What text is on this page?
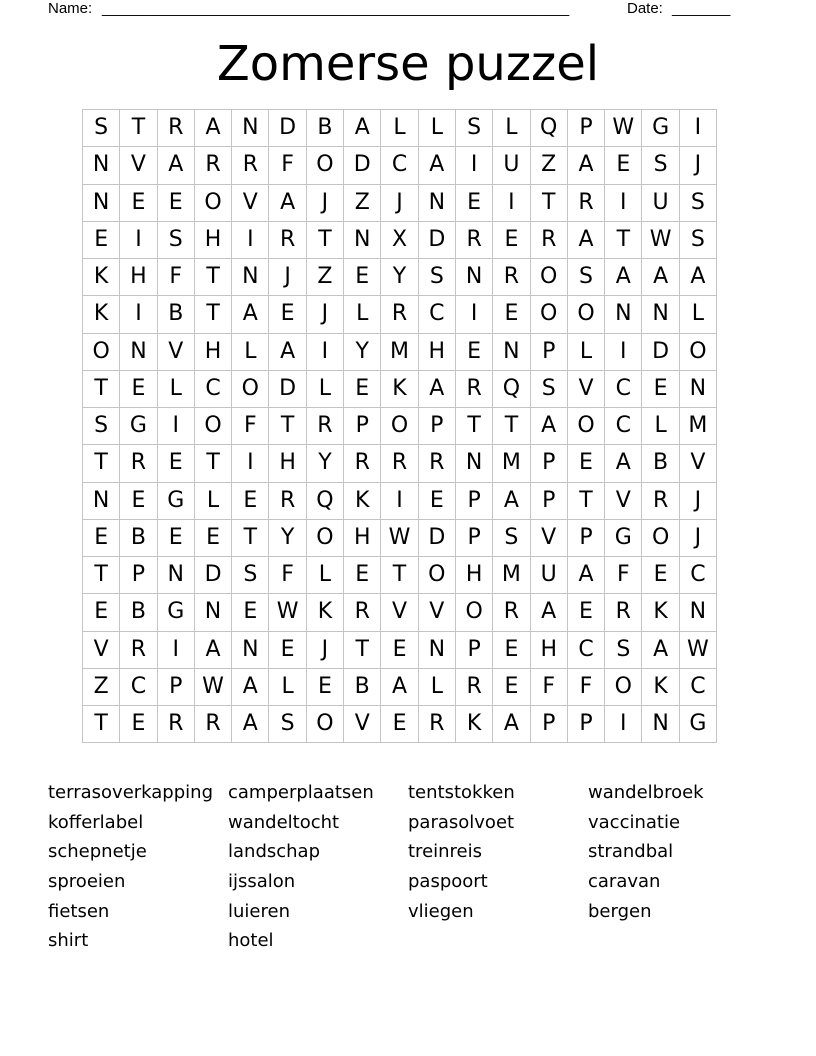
Name:

________________________________________________________

	Date:

_______

Zomerse puzzel
S	T	R	A	N	D	B	A	L	L	S	L	Q	P	W	G	I
N	V	A	R	R	F	O	D	C	A	I	U	Z	A	E	S	J
N	E	E	O	V	A	J	Z	J	N	E	I	T	R	I	U	S
E	I	S	H	I	R	T	N	X	D	R	E	R	A	T	W	S
K	H	F	T	N	J	Z	E	Y	S	N	R	O	S	A	A	A
K	I	B	T	A	E	J	L	R	C	I	E	O	O	N	N	L
O	N	V	H	L	A	I	Y	M	H	E	N	P	L	I	D	O
T	E	L	C	O	D	L	E	K	A	R	Q	S	V	C	E	N
S	G	I	O	F	T	R	P	O	P	T	T	A	O	C	L	M
T	R	E	T	I	H	Y	R	R	R	N	M	P	E	A	B	V
N	E	G	L	E	R	Q	K	I	E	P	A	P	T	V	R	J
E	B	E	E	T	Y	O	H	W	D	P	S	V	P	G	O	J
T	P	N	D	S	F	L	E	T	O	H	M	U	A	F	E	C
E	B	G	N	E	W	K	R	V	V	O	R	A	E	R	K	N
V	R	I	A	N	E	J	T	E	N	P	E	H	C	S	A	W
Z	C	P	W	A	L	E	B	A	L	R	E	F	F	O	K	C
T	E	R	R	A	S	O	V	E	R	K	A	P	P	I	N	G
terrasoverkapping camperplaatsen	tentstokken	wandelbroek
kofferlabel	wandeltocht	parasolvoet	vaccinatie
schepnetje	landschap	treinreis	strandbal
sproeien	ijssalon	paspoort	caravan
fietsen	luieren	vliegen	bergen
shirt	hotel
